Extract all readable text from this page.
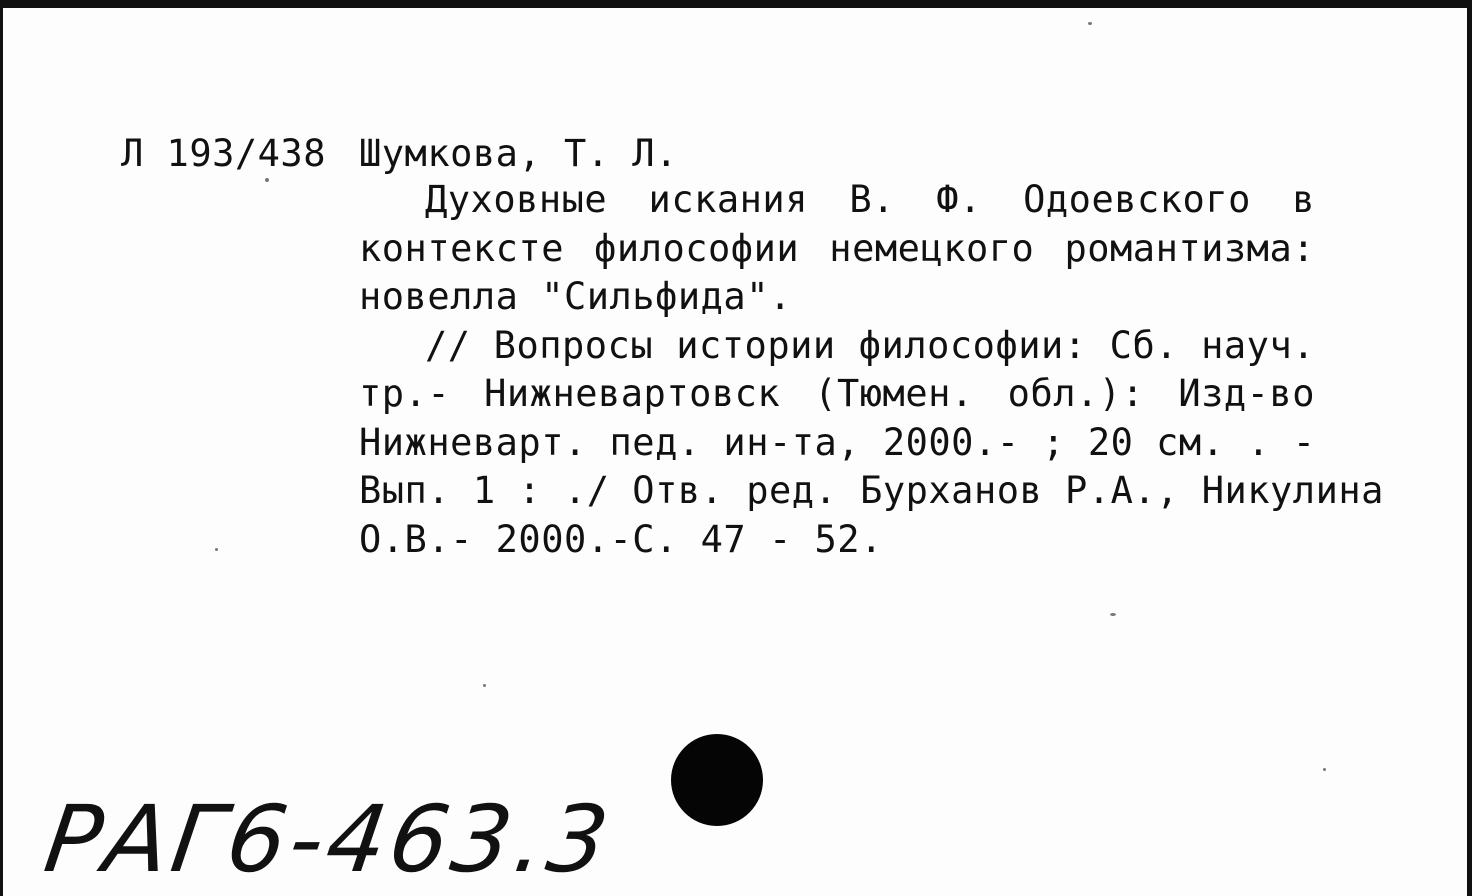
Л 193/438 Шумкова, Т. Л.
Духовные искания В. Ф. Одоевского в
контексте философии немецкого романтизма:
новелла "Сильфида".
// Вопросы истории философии: Сб. науч.
тр.- Нижневартовск (Тюмен. обл.): Изд-во
Нижневарт. пед. ин-та, 2000.- ; 20 см. . -
Вып. 1 : ./ Отв. ред. Бурханов Р.А., Никулина
О.В.- 2000.-С. 47 - 52.
РАГ6-463.3
